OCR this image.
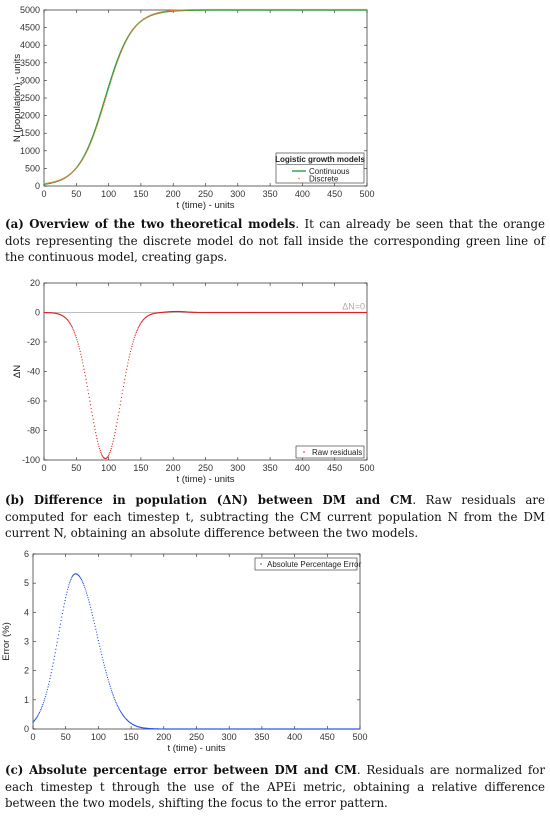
0	50 100 150 200 250 300 350 400 450 500
0
500
1000
1500
2000
2500
3000
3500
4000
4500
5000
t (time) - units
N (population) - units
Logistic growth models
Continuous
Discrete
(a) Overview of the two theoretical models. It can already be seen that the orange dots representing the discrete model do not fall inside the corresponding green line of the continuous model, creating gaps.
0	50 100 150 200 250 300 350 400 450 500
-100
-80
-60
-40
-20
0
20
t (time) - units
ΔN
ΔN=0
Raw residuals
(b) Difference in population (ΔN) between DM and CM. Raw residuals are computed for each timestep t, subtracting the CM current population N from the DM current N, obtaining an absolute difference between the two models.
0	50 100 150 200 250 300 350 400 450 500
0
1
2
3
4
5
6
t (time) - units
Error (%)
Absolute Percentage Error
(c) Absolute percentage error between DM and CM. Residuals are normalized for each timestep t through the use of the APEi metric, obtaining a relative difference between the two models, shifting the focus to the error pattern.
